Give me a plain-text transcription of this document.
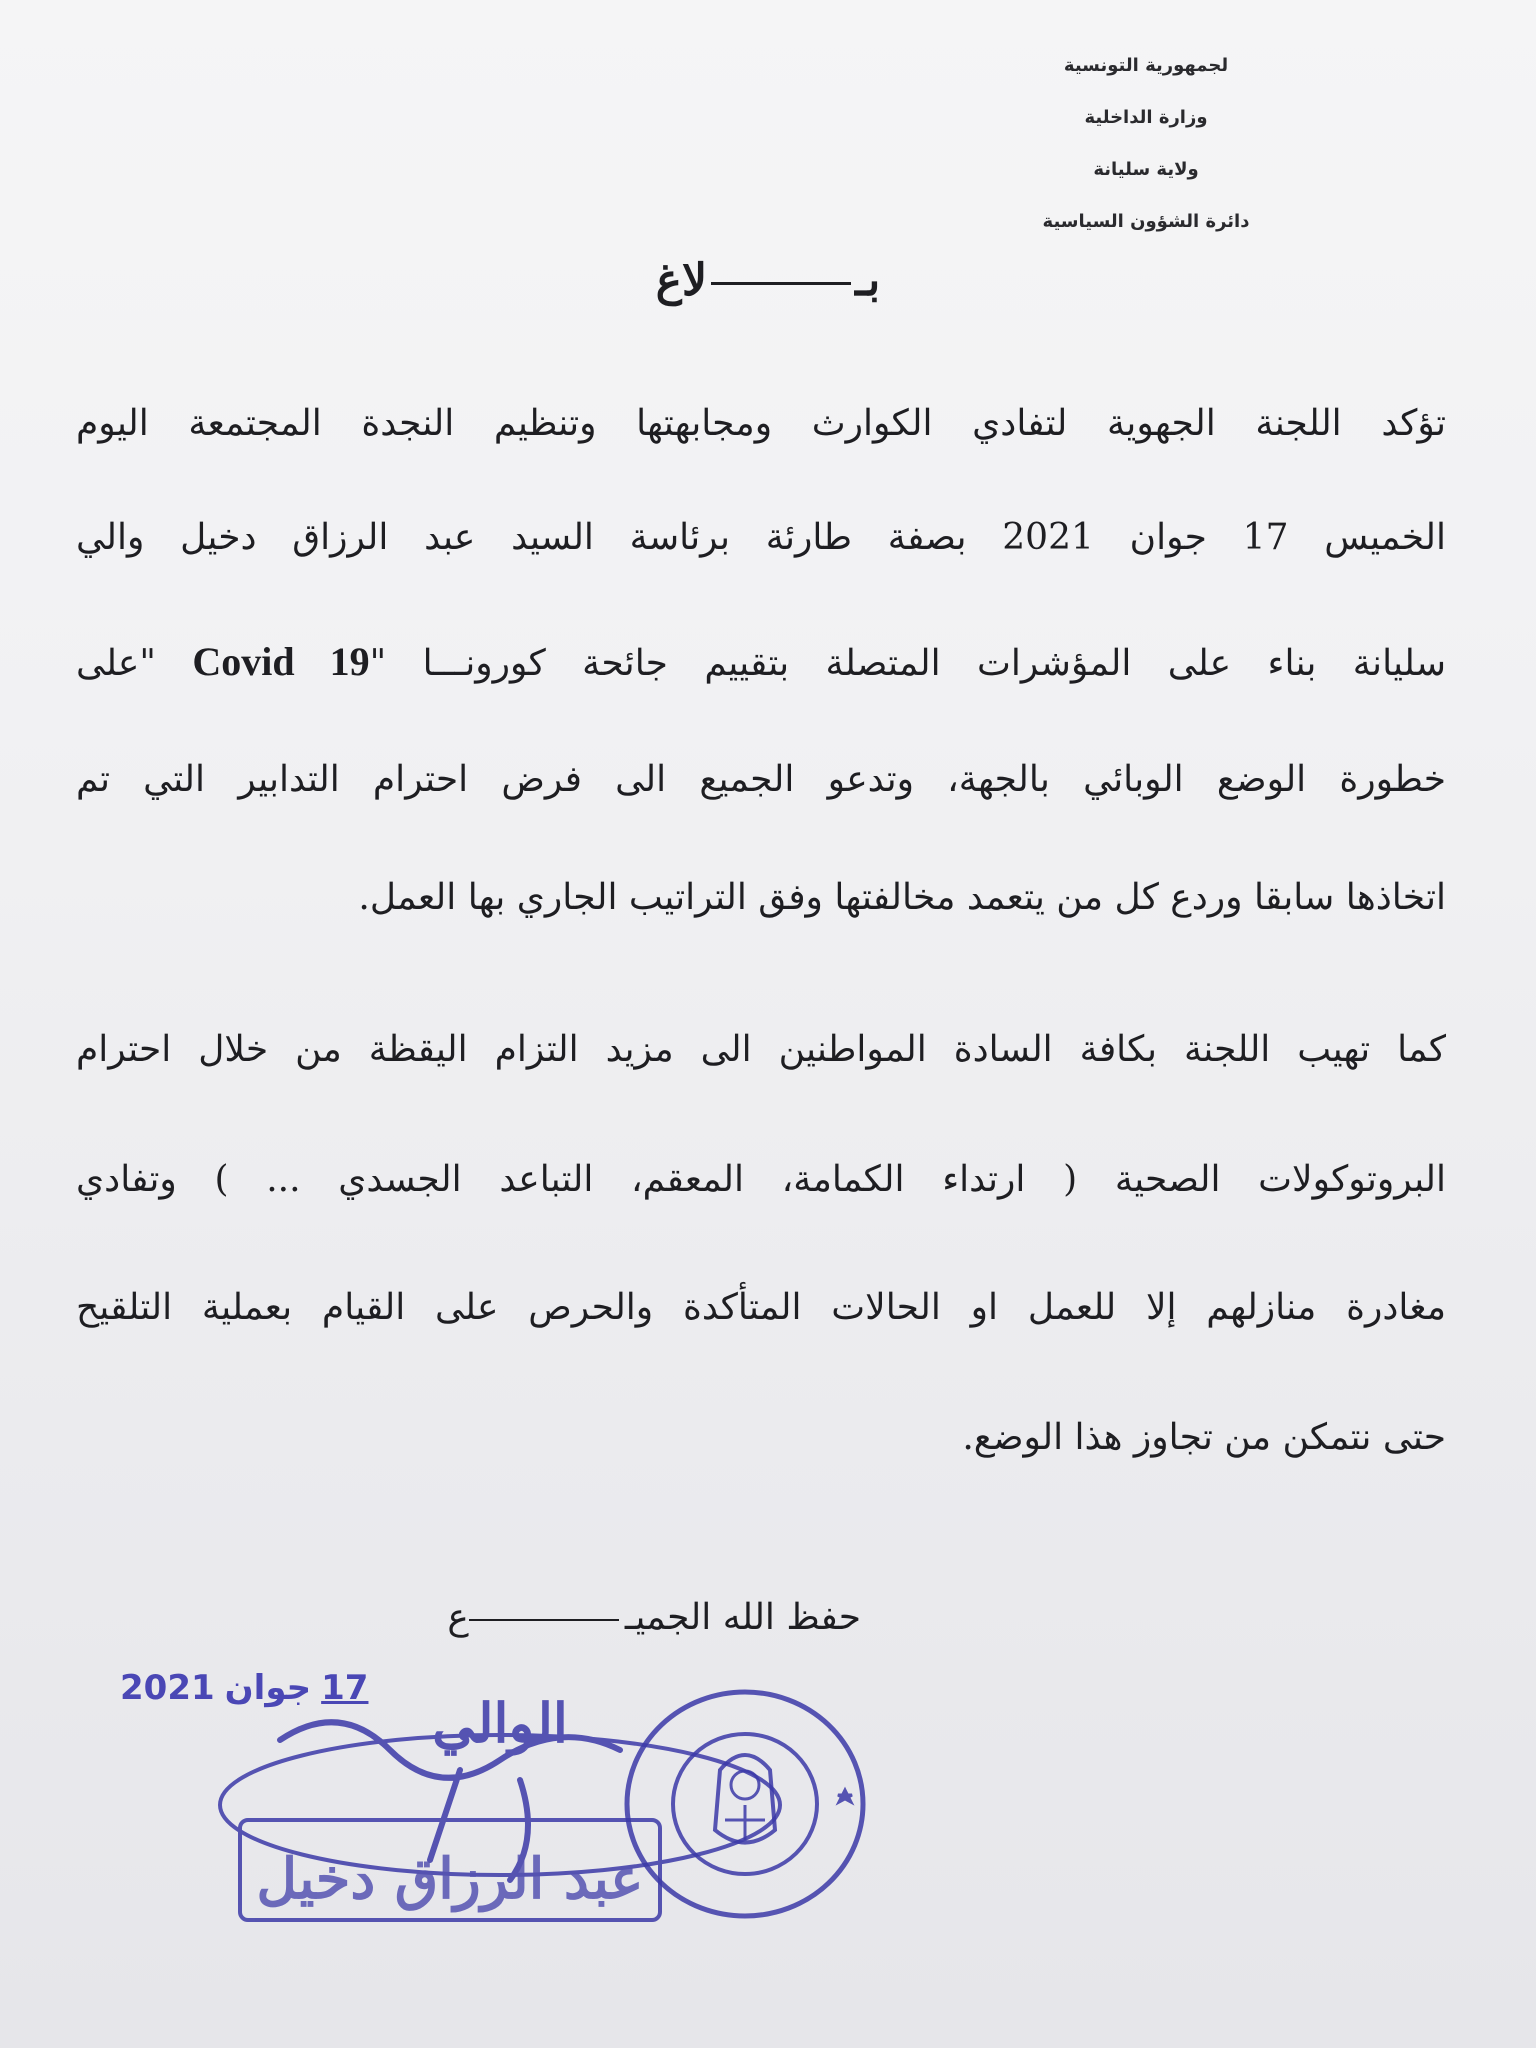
لجمهورية التونسية
وزارة الداخلية
ولاية سليانة
دائرة الشؤون السياسية
بـلاغ
تؤكد اللجنة الجهوية لتفادي الكوارث ومجابهتها وتنظيم النجدة المجتمعة اليوم
الخميس 17 جوان 2021 بصفة طارئة برئاسة السيد عبد الرزاق دخيل والي
سليانة بناء على المؤشرات المتصلة بتقييم جائحة كورونـــا "Covid 19 "على
خطورة الوضع الوبائي بالجهة، وتدعو الجميع الى فرض احترام التدابير التي تم
اتخاذها سابقا وردع كل من يتعمد مخالفتها وفق التراتيب الجاري بها العمل.
كما تهيب اللجنة بكافة السادة المواطنين الى مزيد التزام اليقظة من خلال احترام
البروتوكولات الصحية ( ارتداء الكمامة، المعقم، التباعد الجسدي ... ) وتفادي
مغادرة منازلهم إلا للعمل او الحالات المتأكدة والحرص على القيام بعملية التلقيح
حتى نتمكن من تجاوز هذا الوضع.
حفظ الله الجميـع
17جوان2021
الوالي
عبد الرزاق دخيل
